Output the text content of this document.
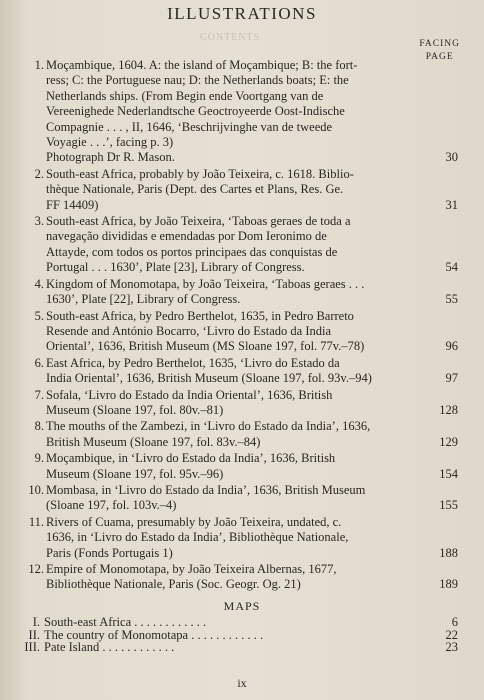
ILLUSTRATIONS
CONTENTS
FACING
PAGE
1. Moçambique, 1604. A: the island of Moçambique; B: the fort-
ress; C: the Portuguese nau; D: the Netherlands boats; E: the
Netherlands ships. (From Begin ende Voortgang van de
Vereenighede Nederlandtsche Geoctroyeerde Oost-Indische
Compagnie . . . , II, 1646, ‘Beschrijvinghe van de tweede
Voyagie . . .’, facing p. 3)
Photograph Dr R. Mason.	30
2. South-east Africa, probably by João Teixeira, c. 1618. Biblio-
thèque Nationale, Paris (Dept. des Cartes et Plans, Res. Ge.
FF 14409)	31
3. South-east Africa, by João Teixeira, ‘Taboas geraes de toda a
navegação divididas e emendadas por Dom Ieronimo de
Attayde, com todos os portos principaes das conquistas de
Portugal . . . 1630’, Plate [23], Library of Congress.	54
4. Kingdom of Monomotapa, by João Teixeira, ‘Taboas geraes . . .
1630’, Plate [22], Library of Congress.	55
5. South-east Africa, by Pedro Berthelot, 1635, in Pedro Barreto
Resende and António Bocarro, ‘Livro do Estado da India
Oriental’, 1636, British Museum (MS Sloane 197, fol. 77v.–78)	96
6. East Africa, by Pedro Berthelot, 1635, ‘Livro do Estado da
India Oriental’, 1636, British Museum (Sloane 197, fol. 93v.–94)	97
7. Sofala, ‘Livro do Estado da India Oriental’, 1636, British
Museum (Sloane 197, fol. 80v.–81)	128
8. The mouths of the Zambezi, in ‘Livro do Estado da India’, 1636,
British Museum (Sloane 197, fol. 83v.–84)	129
9. Moçambique, in ‘Livro do Estado da India’, 1636, British
Museum (Sloane 197, fol. 95v.–96)	154
10. Mombasa, in ‘Livro do Estado da India’, 1636, British Museum
(Sloane 197, fol. 103v.–4)	155
11. Rivers of Cuama, presumably by João Teixeira, undated, c.
1636, in ‘Livro do Estado da India’, Bibliothèque Nationale,
Paris (Fonds Portugais 1)	188
12. Empire of Monomotapa, by João Teixeira Albernas, 1677,
Bibliothèque Nationale, Paris (Soc. Geogr. Og. 21)	189
MAPS
I. South-east Africa . . . . . . . . . . . .	6
II. The country of Monomotapa . . . . . . . . . . . .	22
III. Pate Island . . . . . . . . . . . .	23
ix
